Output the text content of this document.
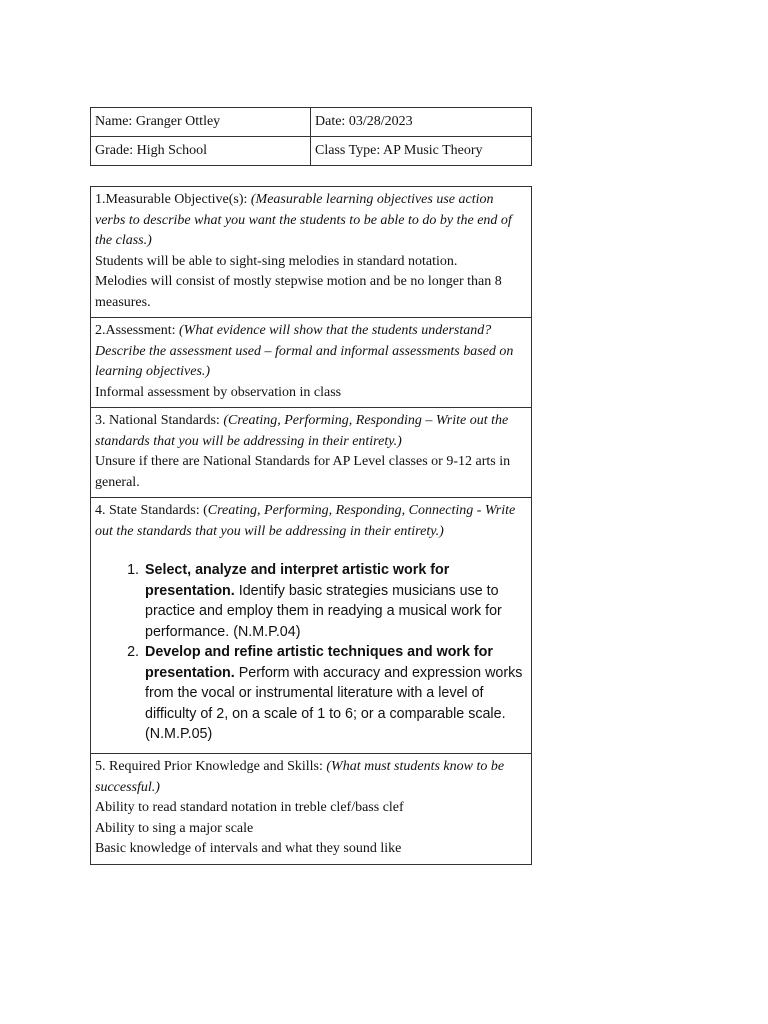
Name: Granger Ottley	Date: 03/28/2023
Grade: High School	Class Type: AP Music Theory
1.Measurable Objective(s): (Measurable learning objectives use action verbs to describe what you want the students to be able to do by the end of the class.)
Students will be able to sight-sing melodies in standard notation.
Melodies will consist of mostly stepwise motion and be no longer than 8 measures.

2.Assessment: (What evidence will show that the students understand? Describe the assessment used – formal and informal assessments based on learning objectives.)
Informal assessment by observation in class

3. National Standards: (Creating, Performing, Responding – Write out the standards that you will be addressing in their entirety.)
Unsure if there are National Standards for AP Level classes or 9-12 arts in general.

4. State Standards: (Creating, Performing, Responding, Connecting - Write out the standards that you will be addressing in their entirety.)
1. Select, analyze and interpret artistic work for presentation. Identify basic strategies musicians use to practice and employ them in readying a musical work for performance. (N.M.P.04)
2. Develop and refine artistic techniques and work for presentation. Perform with accuracy and expression works from the vocal or instrumental literature with a level of difficulty of 2, on a scale of 1 to 6; or a comparable scale. (N.M.P.05)

5. Required Prior Knowledge and Skills: (What must students know to be successful.)
Ability to read standard notation in treble clef/bass clef
Ability to sing a major scale
Basic knowledge of intervals and what they sound like
